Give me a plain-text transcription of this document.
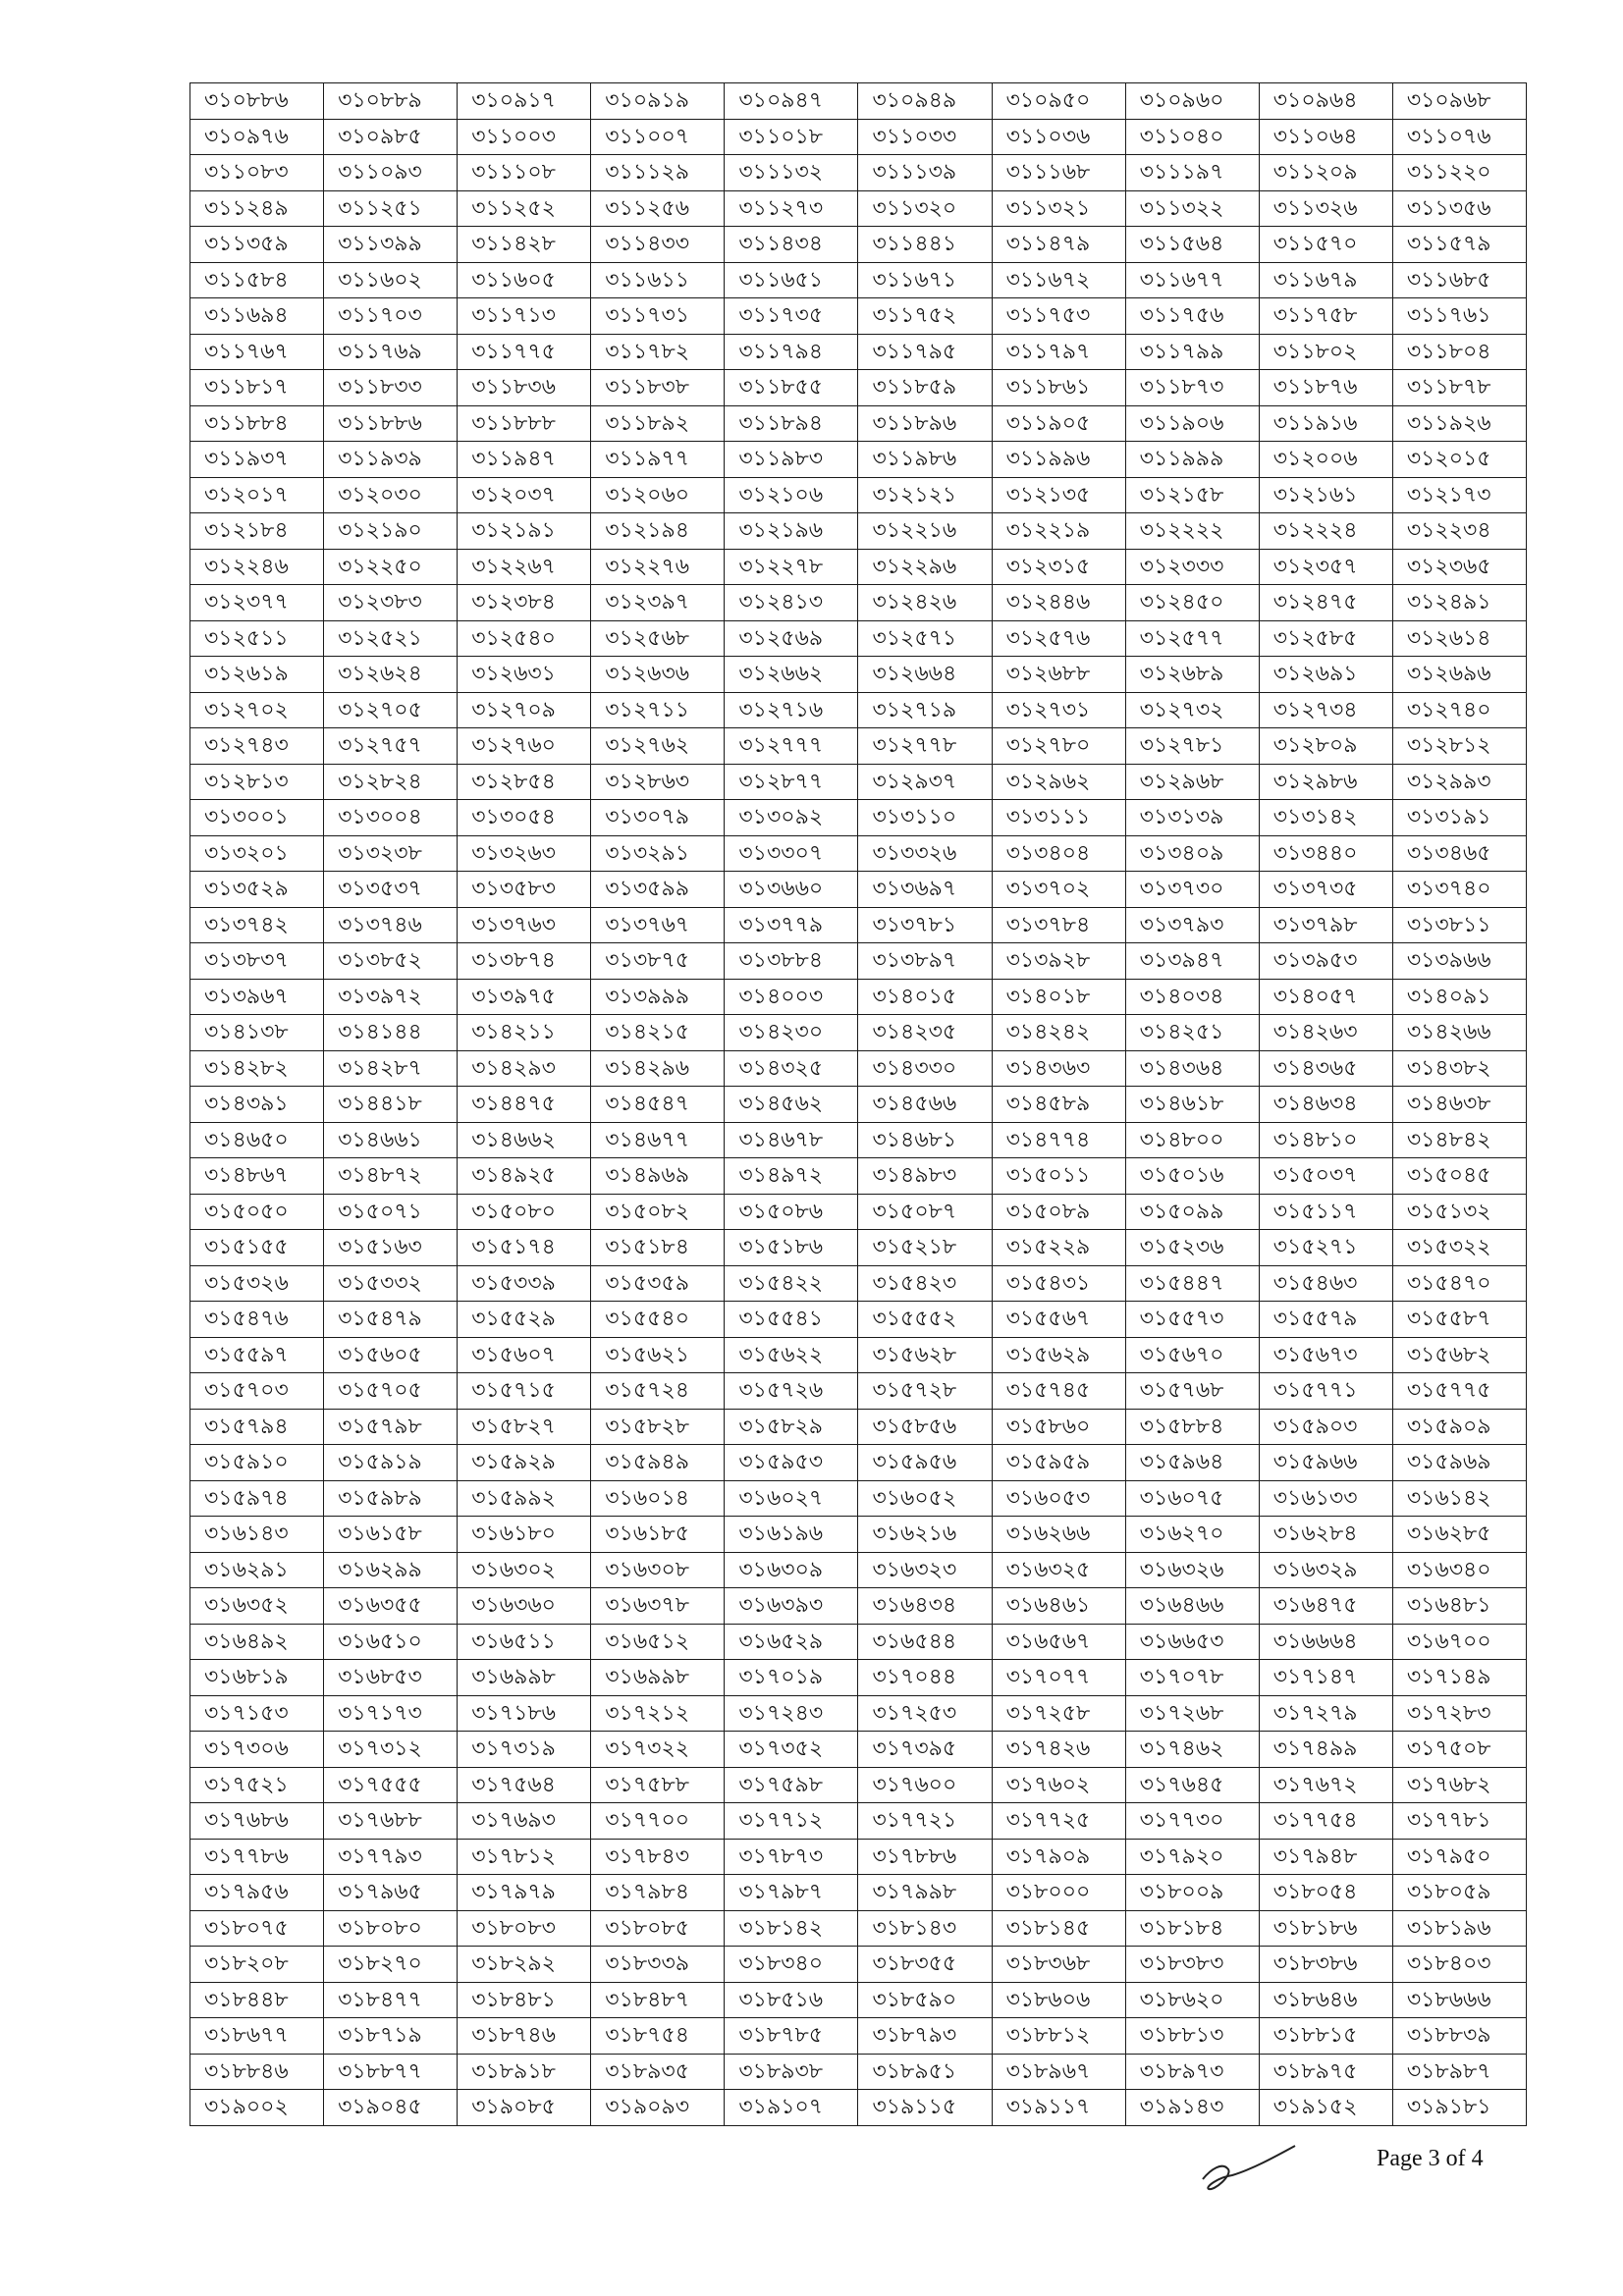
৩১০৮৮৬	৩১০৮৮৯	৩১০৯১৭	৩১০৯১৯	৩১০৯৪৭	৩১০৯৪৯	৩১০৯৫০	৩১০৯৬০	৩১০৯৬৪	৩১০৯৬৮
৩১০৯৭৬	৩১০৯৮৫	৩১১০০৩	৩১১০০৭	৩১১০১৮	৩১১০৩৩	৩১১০৩৬	৩১১০৪০	৩১১০৬৪	৩১১০৭৬
৩১১০৮৩	৩১১০৯৩	৩১১১০৮	৩১১১২৯	৩১১১৩২	৩১১১৩৯	৩১১১৬৮	৩১১১৯৭	৩১১২০৯	৩১১২২০
৩১১২৪৯	৩১১২৫১	৩১১২৫২	৩১১২৫৬	৩১১২৭৩	৩১১৩২০	৩১১৩২১	৩১১৩২২	৩১১৩২৬	৩১১৩৫৬
৩১১৩৫৯	৩১১৩৯৯	৩১১৪২৮	৩১১৪৩৩	৩১১৪৩৪	৩১১৪৪১	৩১১৪৭৯	৩১১৫৬৪	৩১১৫৭০	৩১১৫৭৯
৩১১৫৮৪	৩১১৬০২	৩১১৬০৫	৩১১৬১১	৩১১৬৫১	৩১১৬৭১	৩১১৬৭২	৩১১৬৭৭	৩১১৬৭৯	৩১১৬৮৫
৩১১৬৯৪	৩১১৭০৩	৩১১৭১৩	৩১১৭৩১	৩১১৭৩৫	৩১১৭৫২	৩১১৭৫৩	৩১১৭৫৬	৩১১৭৫৮	৩১১৭৬১
৩১১৭৬৭	৩১১৭৬৯	৩১১৭৭৫	৩১১৭৮২	৩১১৭৯৪	৩১১৭৯৫	৩১১৭৯৭	৩১১৭৯৯	৩১১৮০২	৩১১৮০৪
৩১১৮১৭	৩১১৮৩৩	৩১১৮৩৬	৩১১৮৩৮	৩১১৮৫৫	৩১১৮৫৯	৩১১৮৬১	৩১১৮৭৩	৩১১৮৭৬	৩১১৮৭৮
৩১১৮৮৪	৩১১৮৮৬	৩১১৮৮৮	৩১১৮৯২	৩১১৮৯৪	৩১১৮৯৬	৩১১৯০৫	৩১১৯০৬	৩১১৯১৬	৩১১৯২৬
৩১১৯৩৭	৩১১৯৩৯	৩১১৯৪৭	৩১১৯৭৭	৩১১৯৮৩	৩১১৯৮৬	৩১১৯৯৬	৩১১৯৯৯	৩১২০০৬	৩১২০১৫
৩১২০১৭	৩১২০৩০	৩১২০৩৭	৩১২০৬০	৩১২১০৬	৩১২১২১	৩১২১৩৫	৩১২১৫৮	৩১২১৬১	৩১২১৭৩
৩১২১৮৪	৩১২১৯০	৩১২১৯১	৩১২১৯৪	৩১২১৯৬	৩১২২১৬	৩১২২১৯	৩১২২২২	৩১২২২৪	৩১২২৩৪
৩১২২৪৬	৩১২২৫০	৩১২২৬৭	৩১২২৭৬	৩১২২৭৮	৩১২২৯৬	৩১২৩১৫	৩১২৩৩৩	৩১২৩৫৭	৩১২৩৬৫
৩১২৩৭৭	৩১২৩৮৩	৩১২৩৮৪	৩১২৩৯৭	৩১২৪১৩	৩১২৪২৬	৩১২৪৪৬	৩১২৪৫০	৩১২৪৭৫	৩১২৪৯১
৩১২৫১১	৩১২৫২১	৩১২৫৪০	৩১২৫৬৮	৩১২৫৬৯	৩১২৫৭১	৩১২৫৭৬	৩১২৫৭৭	৩১২৫৮৫	৩১২৬১৪
৩১২৬১৯	৩১২৬২৪	৩১২৬৩১	৩১২৬৩৬	৩১২৬৬২	৩১২৬৬৪	৩১২৬৮৮	৩১২৬৮৯	৩১২৬৯১	৩১২৬৯৬
৩১২৭০২	৩১২৭০৫	৩১২৭০৯	৩১২৭১১	৩১২৭১৬	৩১২৭১৯	৩১২৭৩১	৩১২৭৩২	৩১২৭৩৪	৩১২৭৪০
৩১২৭৪৩	৩১২৭৫৭	৩১২৭৬০	৩১২৭৬২	৩১২৭৭৭	৩১২৭৭৮	৩১২৭৮০	৩১২৭৮১	৩১২৮০৯	৩১২৮১২
৩১২৮১৩	৩১২৮২৪	৩১২৮৫৪	৩১২৮৬৩	৩১২৮৭৭	৩১২৯৩৭	৩১২৯৬২	৩১২৯৬৮	৩১২৯৮৬	৩১২৯৯৩
৩১৩০০১	৩১৩০০৪	৩১৩০৫৪	৩১৩০৭৯	৩১৩০৯২	৩১৩১১০	৩১৩১১১	৩১৩১৩৯	৩১৩১৪২	৩১৩১৯১
৩১৩২০১	৩১৩২৩৮	৩১৩২৬৩	৩১৩২৯১	৩১৩৩০৭	৩১৩৩২৬	৩১৩৪০৪	৩১৩৪০৯	৩১৩৪৪০	৩১৩৪৬৫
৩১৩৫২৯	৩১৩৫৩৭	৩১৩৫৮৩	৩১৩৫৯৯	৩১৩৬৬০	৩১৩৬৯৭	৩১৩৭০২	৩১৩৭৩০	৩১৩৭৩৫	৩১৩৭৪০
৩১৩৭৪২	৩১৩৭৪৬	৩১৩৭৬৩	৩১৩৭৬৭	৩১৩৭৭৯	৩১৩৭৮১	৩১৩৭৮৪	৩১৩৭৯৩	৩১৩৭৯৮	৩১৩৮১১
৩১৩৮৩৭	৩১৩৮৫২	৩১৩৮৭৪	৩১৩৮৭৫	৩১৩৮৮৪	৩১৩৮৯৭	৩১৩৯২৮	৩১৩৯৪৭	৩১৩৯৫৩	৩১৩৯৬৬
৩১৩৯৬৭	৩১৩৯৭২	৩১৩৯৭৫	৩১৩৯৯৯	৩১৪০০৩	৩১৪০১৫	৩১৪০১৮	৩১৪০৩৪	৩১৪০৫৭	৩১৪০৯১
৩১৪১৩৮	৩১৪১৪৪	৩১৪২১১	৩১৪২১৫	৩১৪২৩০	৩১৪২৩৫	৩১৪২৪২	৩১৪২৫১	৩১৪২৬৩	৩১৪২৬৬
৩১৪২৮২	৩১৪২৮৭	৩১৪২৯৩	৩১৪২৯৬	৩১৪৩২৫	৩১৪৩৩০	৩১৪৩৬৩	৩১৪৩৬৪	৩১৪৩৬৫	৩১৪৩৮২
৩১৪৩৯১	৩১৪৪১৮	৩১৪৪৭৫	৩১৪৫৪৭	৩১৪৫৬২	৩১৪৫৬৬	৩১৪৫৮৯	৩১৪৬১৮	৩১৪৬৩৪	৩১৪৬৩৮
৩১৪৬৫০	৩১৪৬৬১	৩১৪৬৬২	৩১৪৬৭৭	৩১৪৬৭৮	৩১৪৬৮১	৩১৪৭৭৪	৩১৪৮০০	৩১৪৮১০	৩১৪৮৪২
৩১৪৮৬৭	৩১৪৮৭২	৩১৪৯২৫	৩১৪৯৬৯	৩১৪৯৭২	৩১৪৯৮৩	৩১৫০১১	৩১৫০১৬	৩১৫০৩৭	৩১৫০৪৫
৩১৫০৫০	৩১৫০৭১	৩১৫০৮০	৩১৫০৮২	৩১৫০৮৬	৩১৫০৮৭	৩১৫০৮৯	৩১৫০৯৯	৩১৫১১৭	৩১৫১৩২
৩১৫১৫৫	৩১৫১৬৩	৩১৫১৭৪	৩১৫১৮৪	৩১৫১৮৬	৩১৫২১৮	৩১৫২২৯	৩১৫২৩৬	৩১৫২৭১	৩১৫৩২২
৩১৫৩২৬	৩১৫৩৩২	৩১৫৩৩৯	৩১৫৩৫৯	৩১৫৪২২	৩১৫৪২৩	৩১৫৪৩১	৩১৫৪৪৭	৩১৫৪৬৩	৩১৫৪৭০
৩১৫৪৭৬	৩১৫৪৭৯	৩১৫৫২৯	৩১৫৫৪০	৩১৫৫৪১	৩১৫৫৫২	৩১৫৫৬৭	৩১৫৫৭৩	৩১৫৫৭৯	৩১৫৫৮৭
৩১৫৫৯৭	৩১৫৬০৫	৩১৫৬০৭	৩১৫৬২১	৩১৫৬২২	৩১৫৬২৮	৩১৫৬২৯	৩১৫৬৭০	৩১৫৬৭৩	৩১৫৬৮২
৩১৫৭০৩	৩১৫৭০৫	৩১৫৭১৫	৩১৫৭২৪	৩১৫৭২৬	৩১৫৭২৮	৩১৫৭৪৫	৩১৫৭৬৮	৩১৫৭৭১	৩১৫৭৭৫
৩১৫৭৯৪	৩১৫৭৯৮	৩১৫৮২৭	৩১৫৮২৮	৩১৫৮২৯	৩১৫৮৫৬	৩১৫৮৬০	৩১৫৮৮৪	৩১৫৯০৩	৩১৫৯০৯
৩১৫৯১০	৩১৫৯১৯	৩১৫৯২৯	৩১৫৯৪৯	৩১৫৯৫৩	৩১৫৯৫৬	৩১৫৯৫৯	৩১৫৯৬৪	৩১৫৯৬৬	৩১৫৯৬৯
৩১৫৯৭৪	৩১৫৯৮৯	৩১৫৯৯২	৩১৬০১৪	৩১৬০২৭	৩১৬০৫২	৩১৬০৫৩	৩১৬০৭৫	৩১৬১৩৩	৩১৬১৪২
৩১৬১৪৩	৩১৬১৫৮	৩১৬১৮০	৩১৬১৮৫	৩১৬১৯৬	৩১৬২১৬	৩১৬২৬৬	৩১৬২৭০	৩১৬২৮৪	৩১৬২৮৫
৩১৬২৯১	৩১৬২৯৯	৩১৬৩০২	৩১৬৩০৮	৩১৬৩০৯	৩১৬৩২৩	৩১৬৩২৫	৩১৬৩২৬	৩১৬৩২৯	৩১৬৩৪০
৩১৬৩৫২	৩১৬৩৫৫	৩১৬৩৬০	৩১৬৩৭৮	৩১৬৩৯৩	৩১৬৪৩৪	৩১৬৪৬১	৩১৬৪৬৬	৩১৬৪৭৫	৩১৬৪৮১
৩১৬৪৯২	৩১৬৫১০	৩১৬৫১১	৩১৬৫১২	৩১৬৫২৯	৩১৬৫৪৪	৩১৬৫৬৭	৩১৬৬৫৩	৩১৬৬৬৪	৩১৬৭০০
৩১৬৮১৯	৩১৬৮৫৩	৩১৬৯৯৮	৩১৬৯৯৮	৩১৭০১৯	৩১৭০৪৪	৩১৭০৭৭	৩১৭০৭৮	৩১৭১৪৭	৩১৭১৪৯
৩১৭১৫৩	৩১৭১৭৩	৩১৭১৮৬	৩১৭২১২	৩১৭২৪৩	৩১৭২৫৩	৩১৭২৫৮	৩১৭২৬৮	৩১৭২৭৯	৩১৭২৮৩
৩১৭৩০৬	৩১৭৩১২	৩১৭৩১৯	৩১৭৩২২	৩১৭৩৫২	৩১৭৩৯৫	৩১৭৪২৬	৩১৭৪৬২	৩১৭৪৯৯	৩১৭৫০৮
৩১৭৫২১	৩১৭৫৫৫	৩১৭৫৬৪	৩১৭৫৮৮	৩১৭৫৯৮	৩১৭৬০০	৩১৭৬০২	৩১৭৬৪৫	৩১৭৬৭২	৩১৭৬৮২
৩১৭৬৮৬	৩১৭৬৮৮	৩১৭৬৯৩	৩১৭৭০০	৩১৭৭১২	৩১৭৭২১	৩১৭৭২৫	৩১৭৭৩০	৩১৭৭৫৪	৩১৭৭৮১
৩১৭৭৮৬	৩১৭৭৯৩	৩১৭৮১২	৩১৭৮৪৩	৩১৭৮৭৩	৩১৭৮৮৬	৩১৭৯০৯	৩১৭৯২০	৩১৭৯৪৮	৩১৭৯৫০
৩১৭৯৫৬	৩১৭৯৬৫	৩১৭৯৭৯	৩১৭৯৮৪	৩১৭৯৮৭	৩১৭৯৯৮	৩১৮০০০	৩১৮০০৯	৩১৮০৫৪	৩১৮০৫৯
৩১৮০৭৫	৩১৮০৮০	৩১৮০৮৩	৩১৮০৮৫	৩১৮১৪২	৩১৮১৪৩	৩১৮১৪৫	৩১৮১৮৪	৩১৮১৮৬	৩১৮১৯৬
৩১৮২০৮	৩১৮২৭০	৩১৮২৯২	৩১৮৩৩৯	৩১৮৩৪০	৩১৮৩৫৫	৩১৮৩৬৮	৩১৮৩৮৩	৩১৮৩৮৬	৩১৮৪০৩
৩১৮৪৪৮	৩১৮৪৭৭	৩১৮৪৮১	৩১৮৪৮৭	৩১৮৫১৬	৩১৮৫৯০	৩১৮৬০৬	৩১৮৬২০	৩১৮৬৪৬	৩১৮৬৬৬
৩১৮৬৭৭	৩১৮৭১৯	৩১৮৭৪৬	৩১৮৭৫৪	৩১৮৭৮৫	৩১৮৭৯৩	৩১৮৮১২	৩১৮৮১৩	৩১৮৮১৫	৩১৮৮৩৯
৩১৮৮৪৬	৩১৮৮৭৭	৩১৮৯১৮	৩১৮৯৩৫	৩১৮৯৩৮	৩১৮৯৫১	৩১৮৯৬৭	৩১৮৯৭৩	৩১৮৯৭৫	৩১৮৯৮৭
৩১৯০০২	৩১৯০৪৫	৩১৯০৮৫	৩১৯০৯৩	৩১৯১০৭	৩১৯১১৫	৩১৯১১৭	৩১৯১৪৩	৩১৯১৫২	৩১৯১৮১
Page 3 of 4
